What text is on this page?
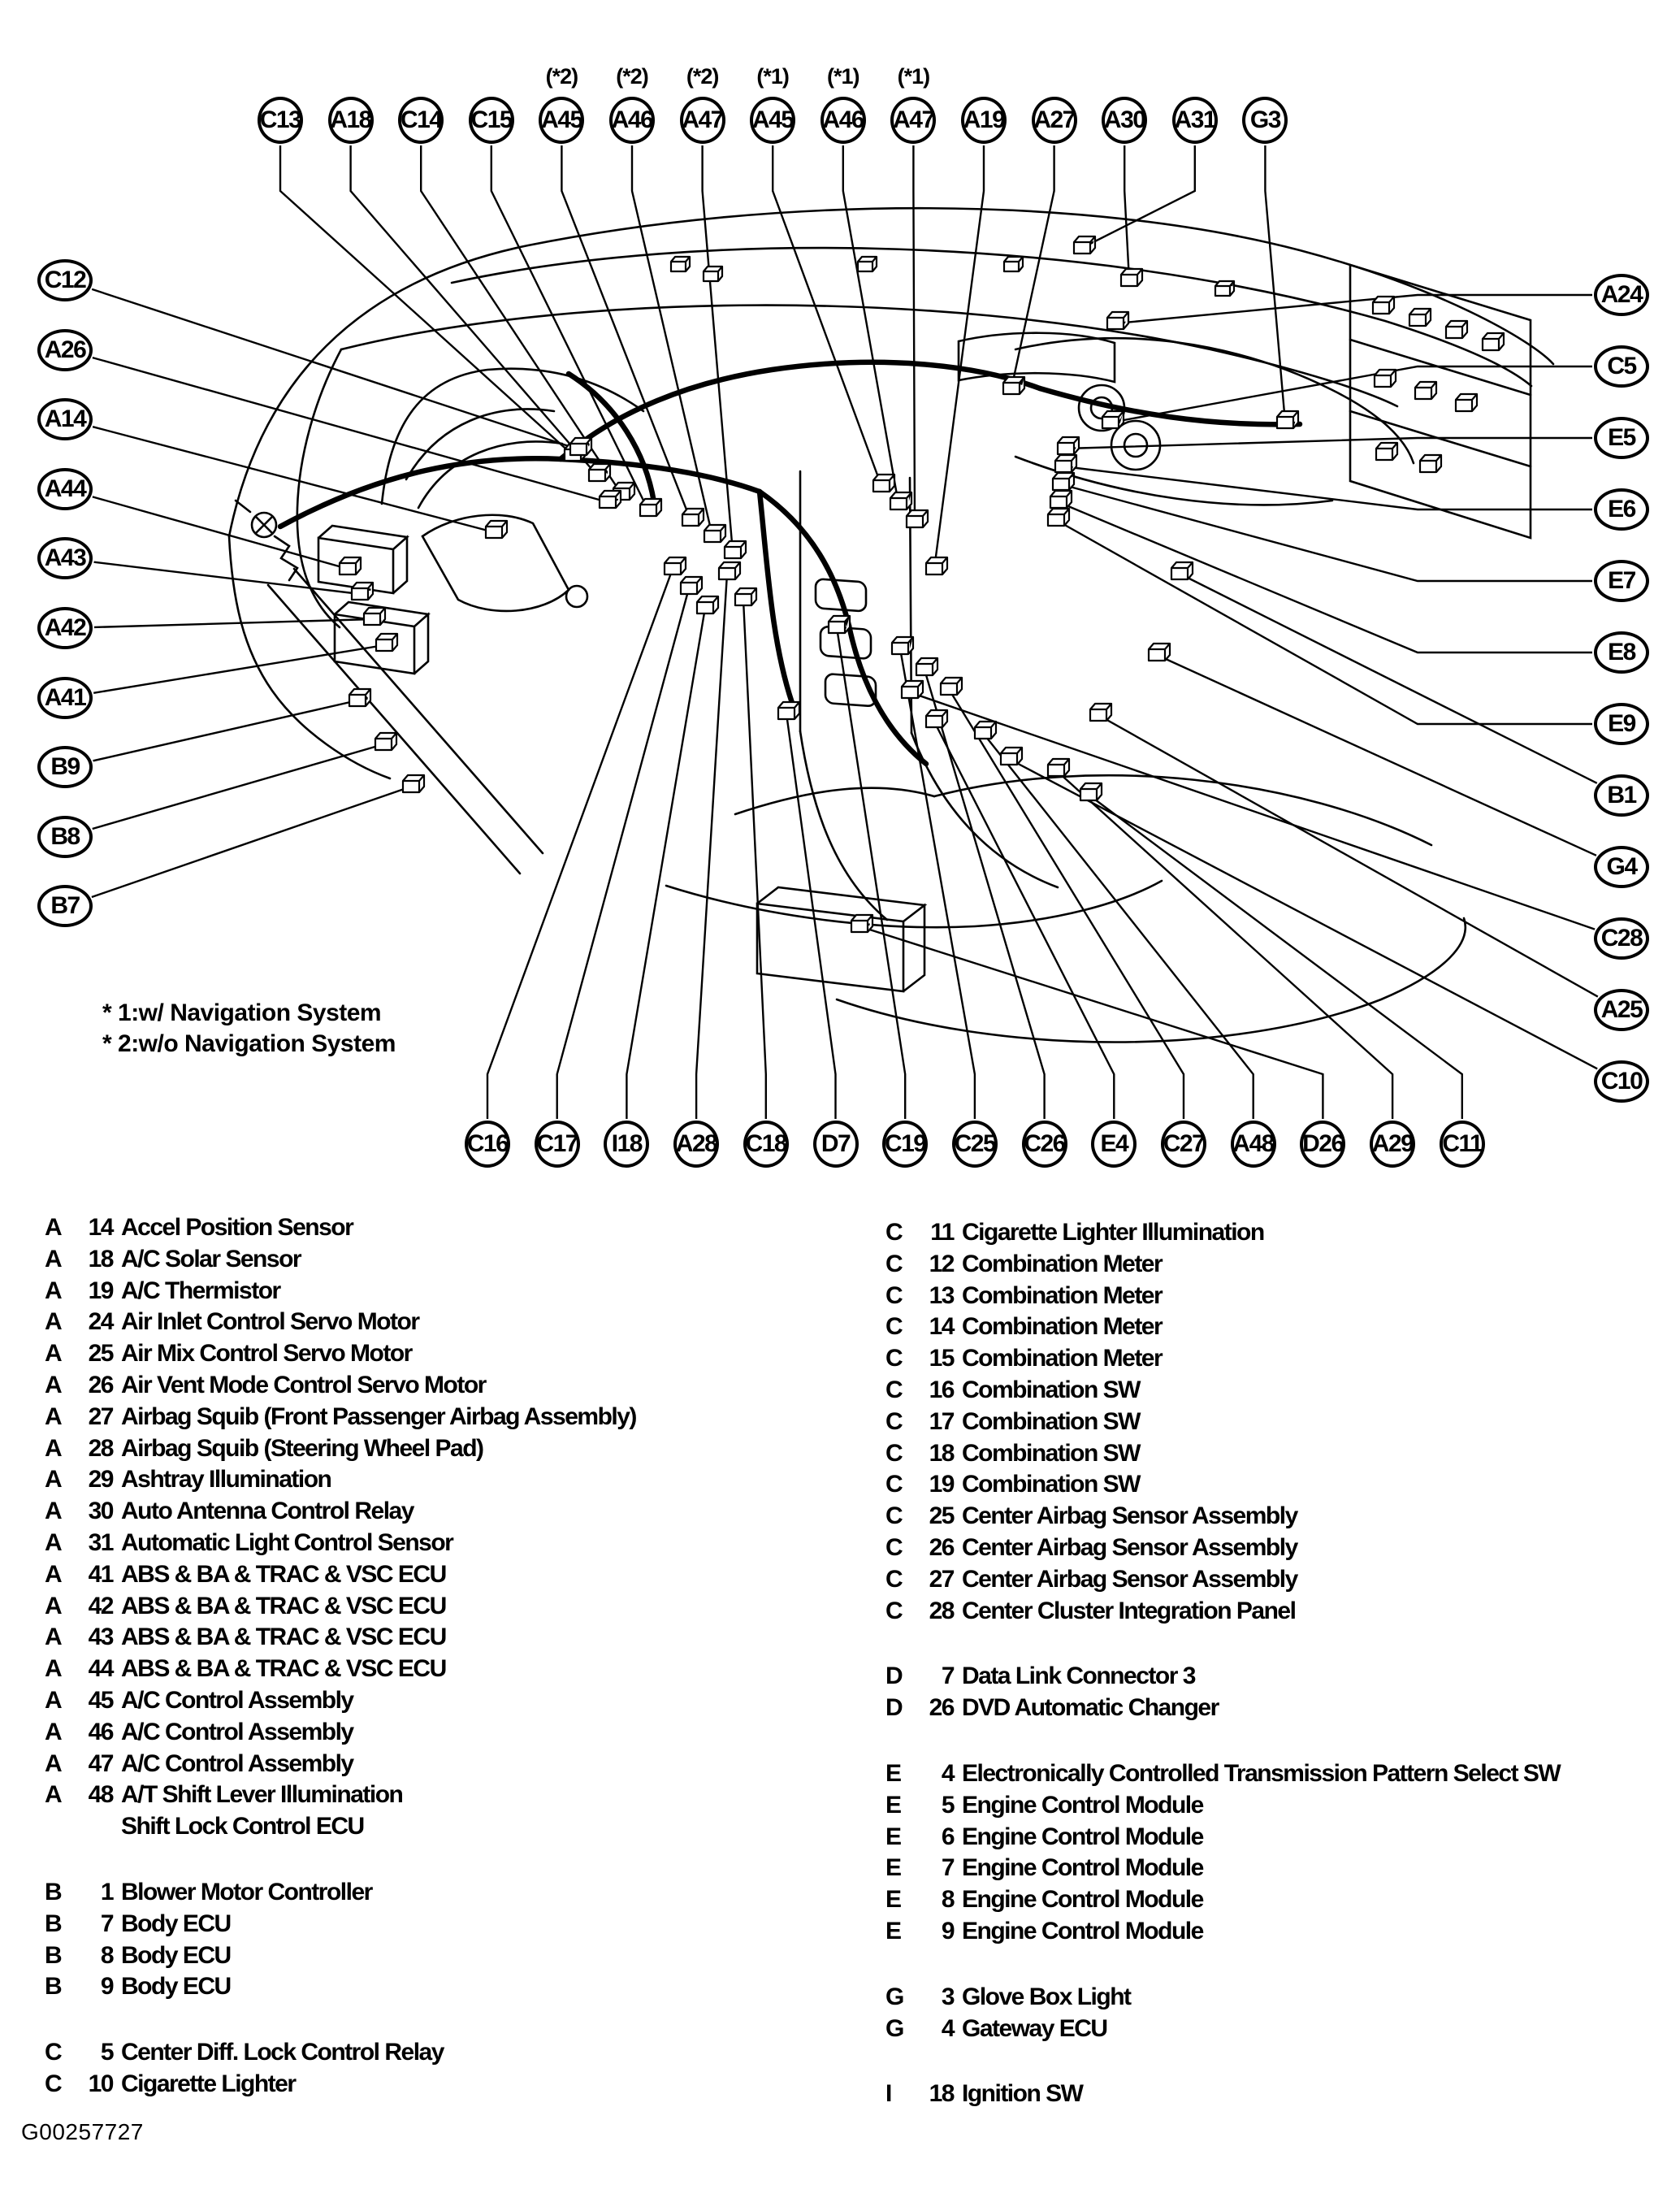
C13 A18 C14 C15 A45
(*2)
A46
(*2)
A47
(*2)
A45
(*1)
A46
(*1)
A47
(*1)
A19 A27 A30 A31	G3
C12
A26
A14
A44
A43
A42
A41
B9
B8
B7
A24
C5
E5
E6
E7
E8
E9
B1
G4
C28
A25
C10
C16 C17	I18	A28 C18	D7	C19 C25 C26	E4	C27 A48 D26 A29 C11
* 1:w/ Navigation System
* 2:w/o Navigation System
A	14 Accel Position Sensor
A	18 A/C Solar Sensor
A	19 A/C Thermistor
A	24 Air Inlet Control Servo Motor
A	25 Air Mix Control Servo Motor
A	26 Air Vent Mode Control Servo Motor
A	27 Airbag Squib (Front Passenger Airbag Assembly)
A	28 Airbag Squib (Steering Wheel Pad)
A	29 Ashtray Illumination
A	30 Auto Antenna Control Relay
A	31 Automatic Light Control Sensor
A	41 ABS & BA & TRAC & VSC ECU
A	42 ABS & BA & TRAC & VSC ECU
A	43 ABS & BA & TRAC & VSC ECU
A	44 ABS & BA & TRAC & VSC ECU
A	45 A/C Control Assembly
A	46 A/C Control Assembly
A	47 A/C Control Assembly
A	48 A/T Shift Lever Illumination
Shift Lock Control ECU
B	1 Blower Motor Controller
B	7 Body ECU
B	8 Body ECU
B	9 Body ECU
C	5 Center Diff. Lock Control Relay
C	10 Cigarette Lighter
C	11 Cigarette Lighter Illumination
C	12 Combination Meter
C	13 Combination Meter
C	14 Combination Meter
C	15 Combination Meter
C	16 Combination SW
C	17 Combination SW
C	18 Combination SW
C	19 Combination SW
C	25 Center Airbag Sensor Assembly
C	26 Center Airbag Sensor Assembly
C	27 Center Airbag Sensor Assembly
C	28 Center Cluster Integration Panel
D	7 Data Link Connector 3
D	26 DVD Automatic Changer
E	4 Electronically Controlled Transmission Pattern Select SW
E	5 Engine Control Module
E	6 Engine Control Module
E	7 Engine Control Module
E	8 Engine Control Module
E	9 Engine Control Module
G	3 Glove Box Light
G	4 Gateway ECU
I	18 Ignition SW
G00257727
